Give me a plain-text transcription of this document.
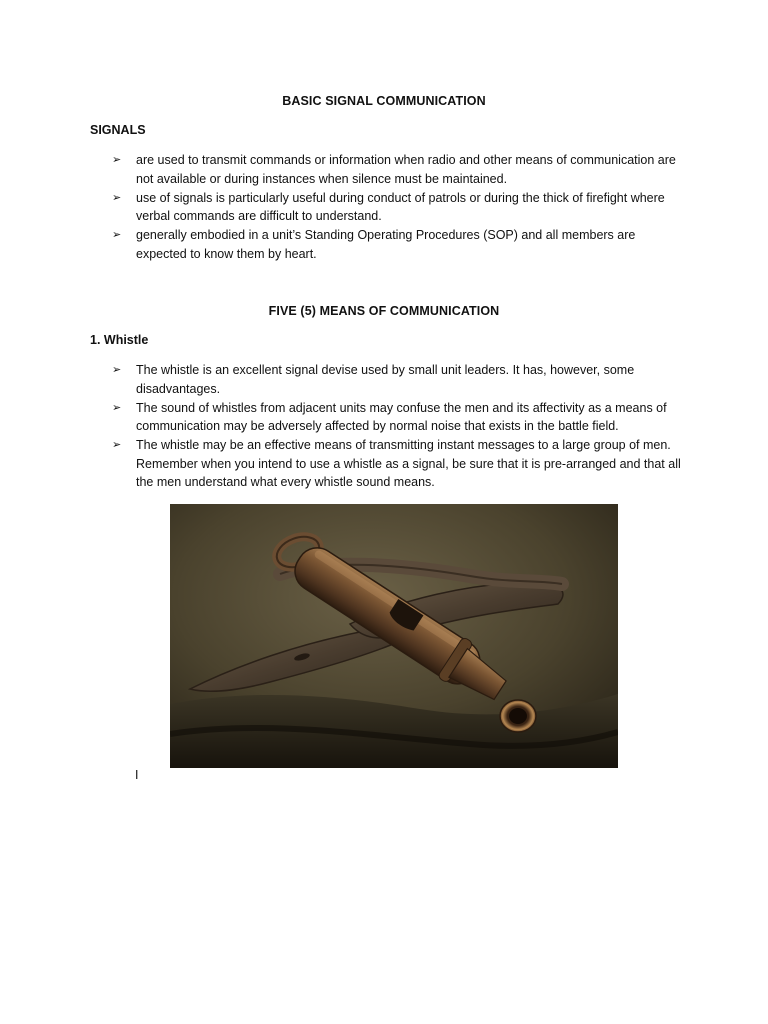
BASIC SIGNAL COMMUNICATION
SIGNALS
➢ are used to transmit commands or information when radio and other means of communication are not available or during instances when silence must be maintained.
➢ use of signals is particularly useful during conduct of patrols or during the thick of firefight where verbal commands are difficult to understand.
➢ generally embodied in a unit’s Standing Operating Procedures (SOP) and all members are expected to know them by heart.
FIVE (5) MEANS OF COMMUNICATION
1. Whistle
➢ The whistle is an excellent signal devise used by small unit leaders. It has, however, some disadvantages.
➢ The sound of whistles from adjacent units may confuse the men and its affectivity as a means of communication may be adversely affected by normal noise that exists in the battle field.
➢ The whistle may be an effective means of transmitting instant messages to a large group of men. Remember when you intend to use a whistle as a signal, be sure that it is pre-arranged and that all the men understand what every whistle sound means.
I
